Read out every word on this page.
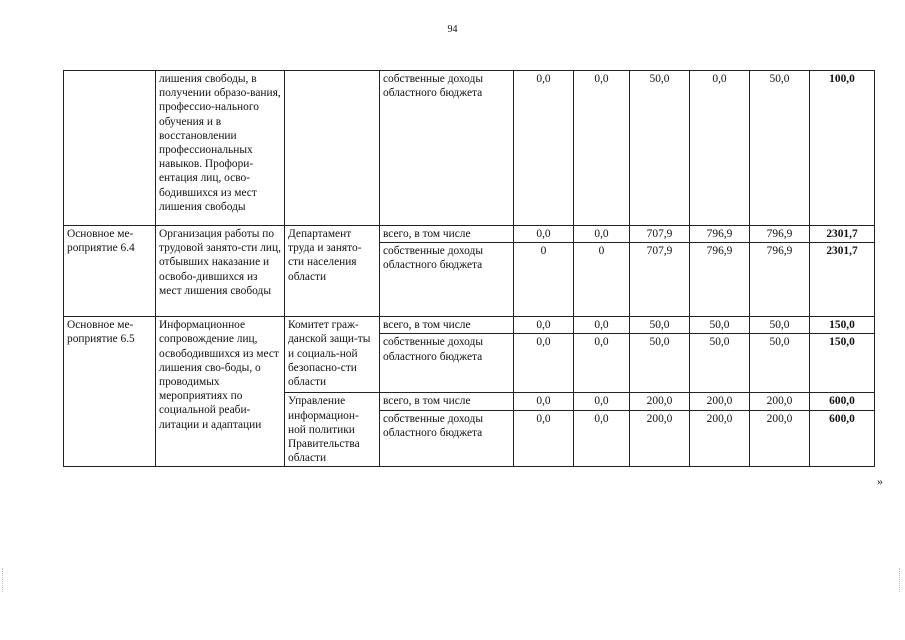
94
	лишения свободы, в получении образо-вания, профессио-нального обучения и в восстановлении профессиональных навыков. Профори-ентация лиц, осво-бодившихся из мест лишения свободы		собственные доходы областного бюджета	0,0	0,0	50,0	0,0	50,0	100,0
Основное ме-роприятие 6.4	Организация работы по трудовой занято-сти лиц, отбывших наказание и освобо-дившихся из мест лишения свободы	Департамент труда и занято-сти населения области	всего, в том числе	0,0	0,0	707,9	796,9	796,9	2301,7
			собственные доходы областного бюджета	0	0	707,9	796,9	796,9	2301,7
Основное ме-роприятие 6.5	Информационное сопровождение лиц, освободившихся из мест лишения сво-боды, о проводимых мероприятиях по социальной реаби-литации и адаптации	Комитет граж-данской защи-ты и социаль-ной безопасно-сти области	всего, в том числе	0,0	0,0	50,0	50,0	50,0	150,0
			собственные доходы областного бюджета	0,0	0,0	50,0	50,0	50,0	150,0
		Управление информацион-ной политики Правительства области	всего, в том числе	0,0	0,0	200,0	200,0	200,0	600,0
			собственные доходы областного бюджета	0,0	0,0	200,0	200,0	200,0	600,0
»
